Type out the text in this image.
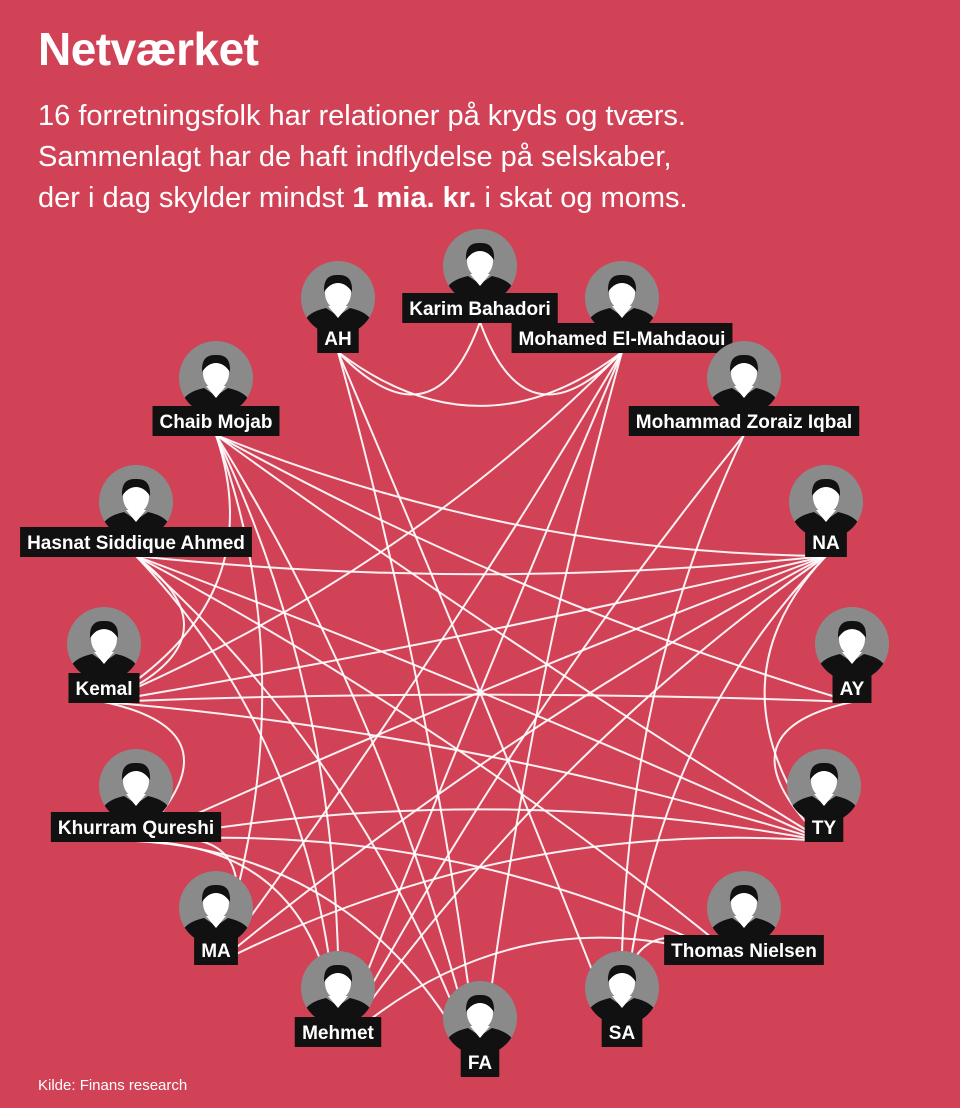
Netværket
16 forretningsfolk har relationer på kryds og tværs.
Sammenlagt har de haft indflydelse på selskaber,
der i dag skylder mindst 1 mia. kr. i skat og moms.
Karim Bahadori
Mohamed El-Mahdaoui
Mohammad Zoraiz Iqbal
NA
AY
TY
Thomas Nielsen
SA
FA
Mehmet
MA
Khurram Qureshi
Kemal
Hasnat Siddique Ahmed
Chaib Mojab
AH
Kilde: Finans research
